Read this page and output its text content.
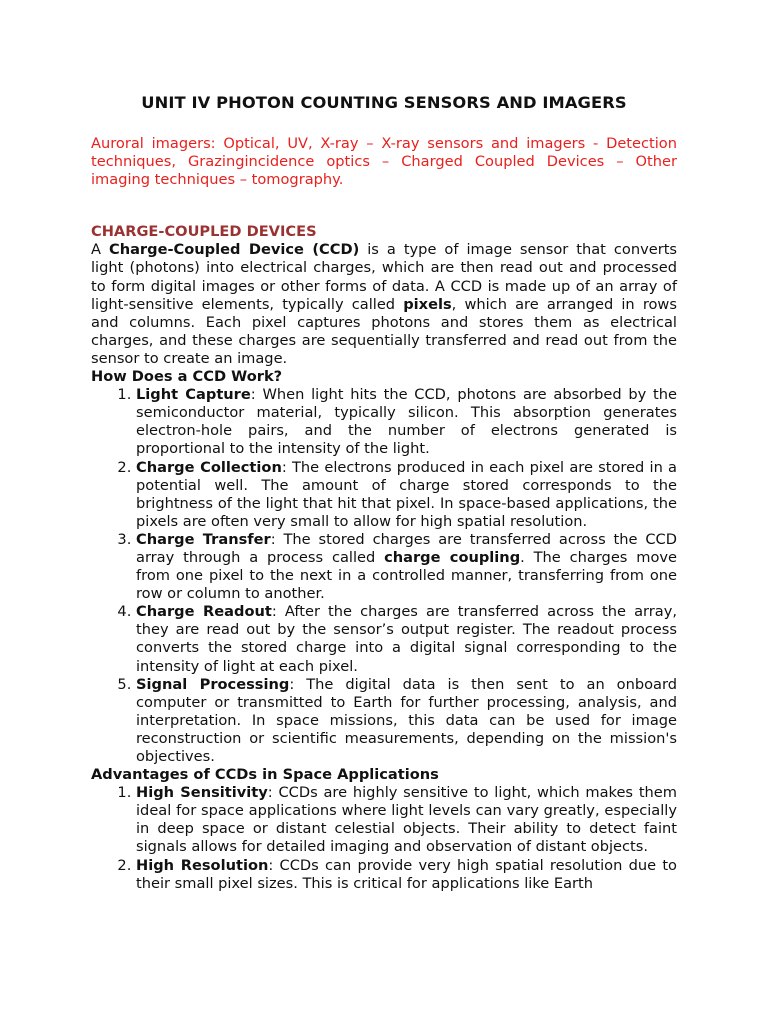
UNIT IV PHOTON COUNTING SENSORS AND IMAGERS

Auroral imagers: Optical, UV, X-ray – X-ray sensors and imagers - Detection techniques, Grazingincidence optics – Charged Coupled Devices – Other imaging techniques – tomography.

CHARGE-COUPLED DEVICES

A Charge-Coupled Device (CCD) is a type of image sensor that converts light (photons) into electrical charges, which are then read out and processed to form digital images or other forms of data. A CCD is made up of an array of light-sensitive elements, typically called pixels, which are arranged in rows and columns. Each pixel captures photons and stores them as electrical charges, and these charges are sequentially transferred and read out from the sensor to create an image.

How Does a CCD Work?
1. Light Capture: When light hits the CCD, photons are absorbed by the semiconductor material, typically silicon. This absorption generates electron-hole pairs, and the number of electrons generated is proportional to the intensity of the light.
2. Charge Collection: The electrons produced in each pixel are stored in a potential well. The amount of charge stored corresponds to the brightness of the light that hit that pixel. In space-based applications, the pixels are often very small to allow for high spatial resolution.
3. Charge Transfer: The stored charges are transferred across the CCD array through a process called charge coupling. The charges move from one pixel to the next in a controlled manner, transferring from one row or column to another.
4. Charge Readout: After the charges are transferred across the array, they are read out by the sensor’s output register. The readout process converts the stored charge into a digital signal corresponding to the intensity of light at each pixel.
5. Signal Processing: The digital data is then sent to an onboard computer or transmitted to Earth for further processing, analysis, and interpretation. In space missions, this data can be used for image reconstruction or scientific measurements, depending on the mission's objectives.
Advantages of CCDs in Space Applications
1. High Sensitivity: CCDs are highly sensitive to light, which makes them ideal for space applications where light levels can vary greatly, especially in deep space or distant celestial objects. Their ability to detect faint signals allows for detailed imaging and observation of distant objects.
2. High Resolution: CCDs can provide very high spatial resolution due to their small pixel sizes. This is critical for applications like Earth
